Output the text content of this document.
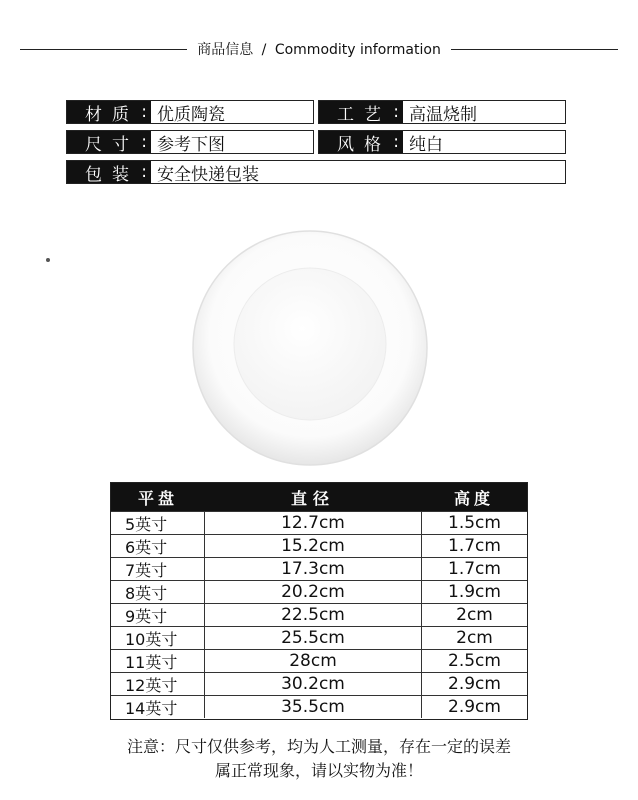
商品信息 / Commodity information
材质 :	优质陶瓷	工艺 :	高温烧制
尺寸 :	参考下图	风格 :	纯白
包装 :	安全快递包装
平盘	直径	高度
5英寸	12.7cm	1.5cm
6英寸	15.2cm	1.7cm
7英寸	17.3cm	1.7cm
8英寸	20.2cm	1.9cm
9英寸	22.5cm	2cm
10英寸	25.5cm	2cm
11英寸	28cm	2.5cm
12英寸	30.2cm	2.9cm
14英寸	35.5cm	2.9cm
注意：尺寸仅供参考，均为人工测量，存在一定的误差
属正常现象，请以实物为准！
